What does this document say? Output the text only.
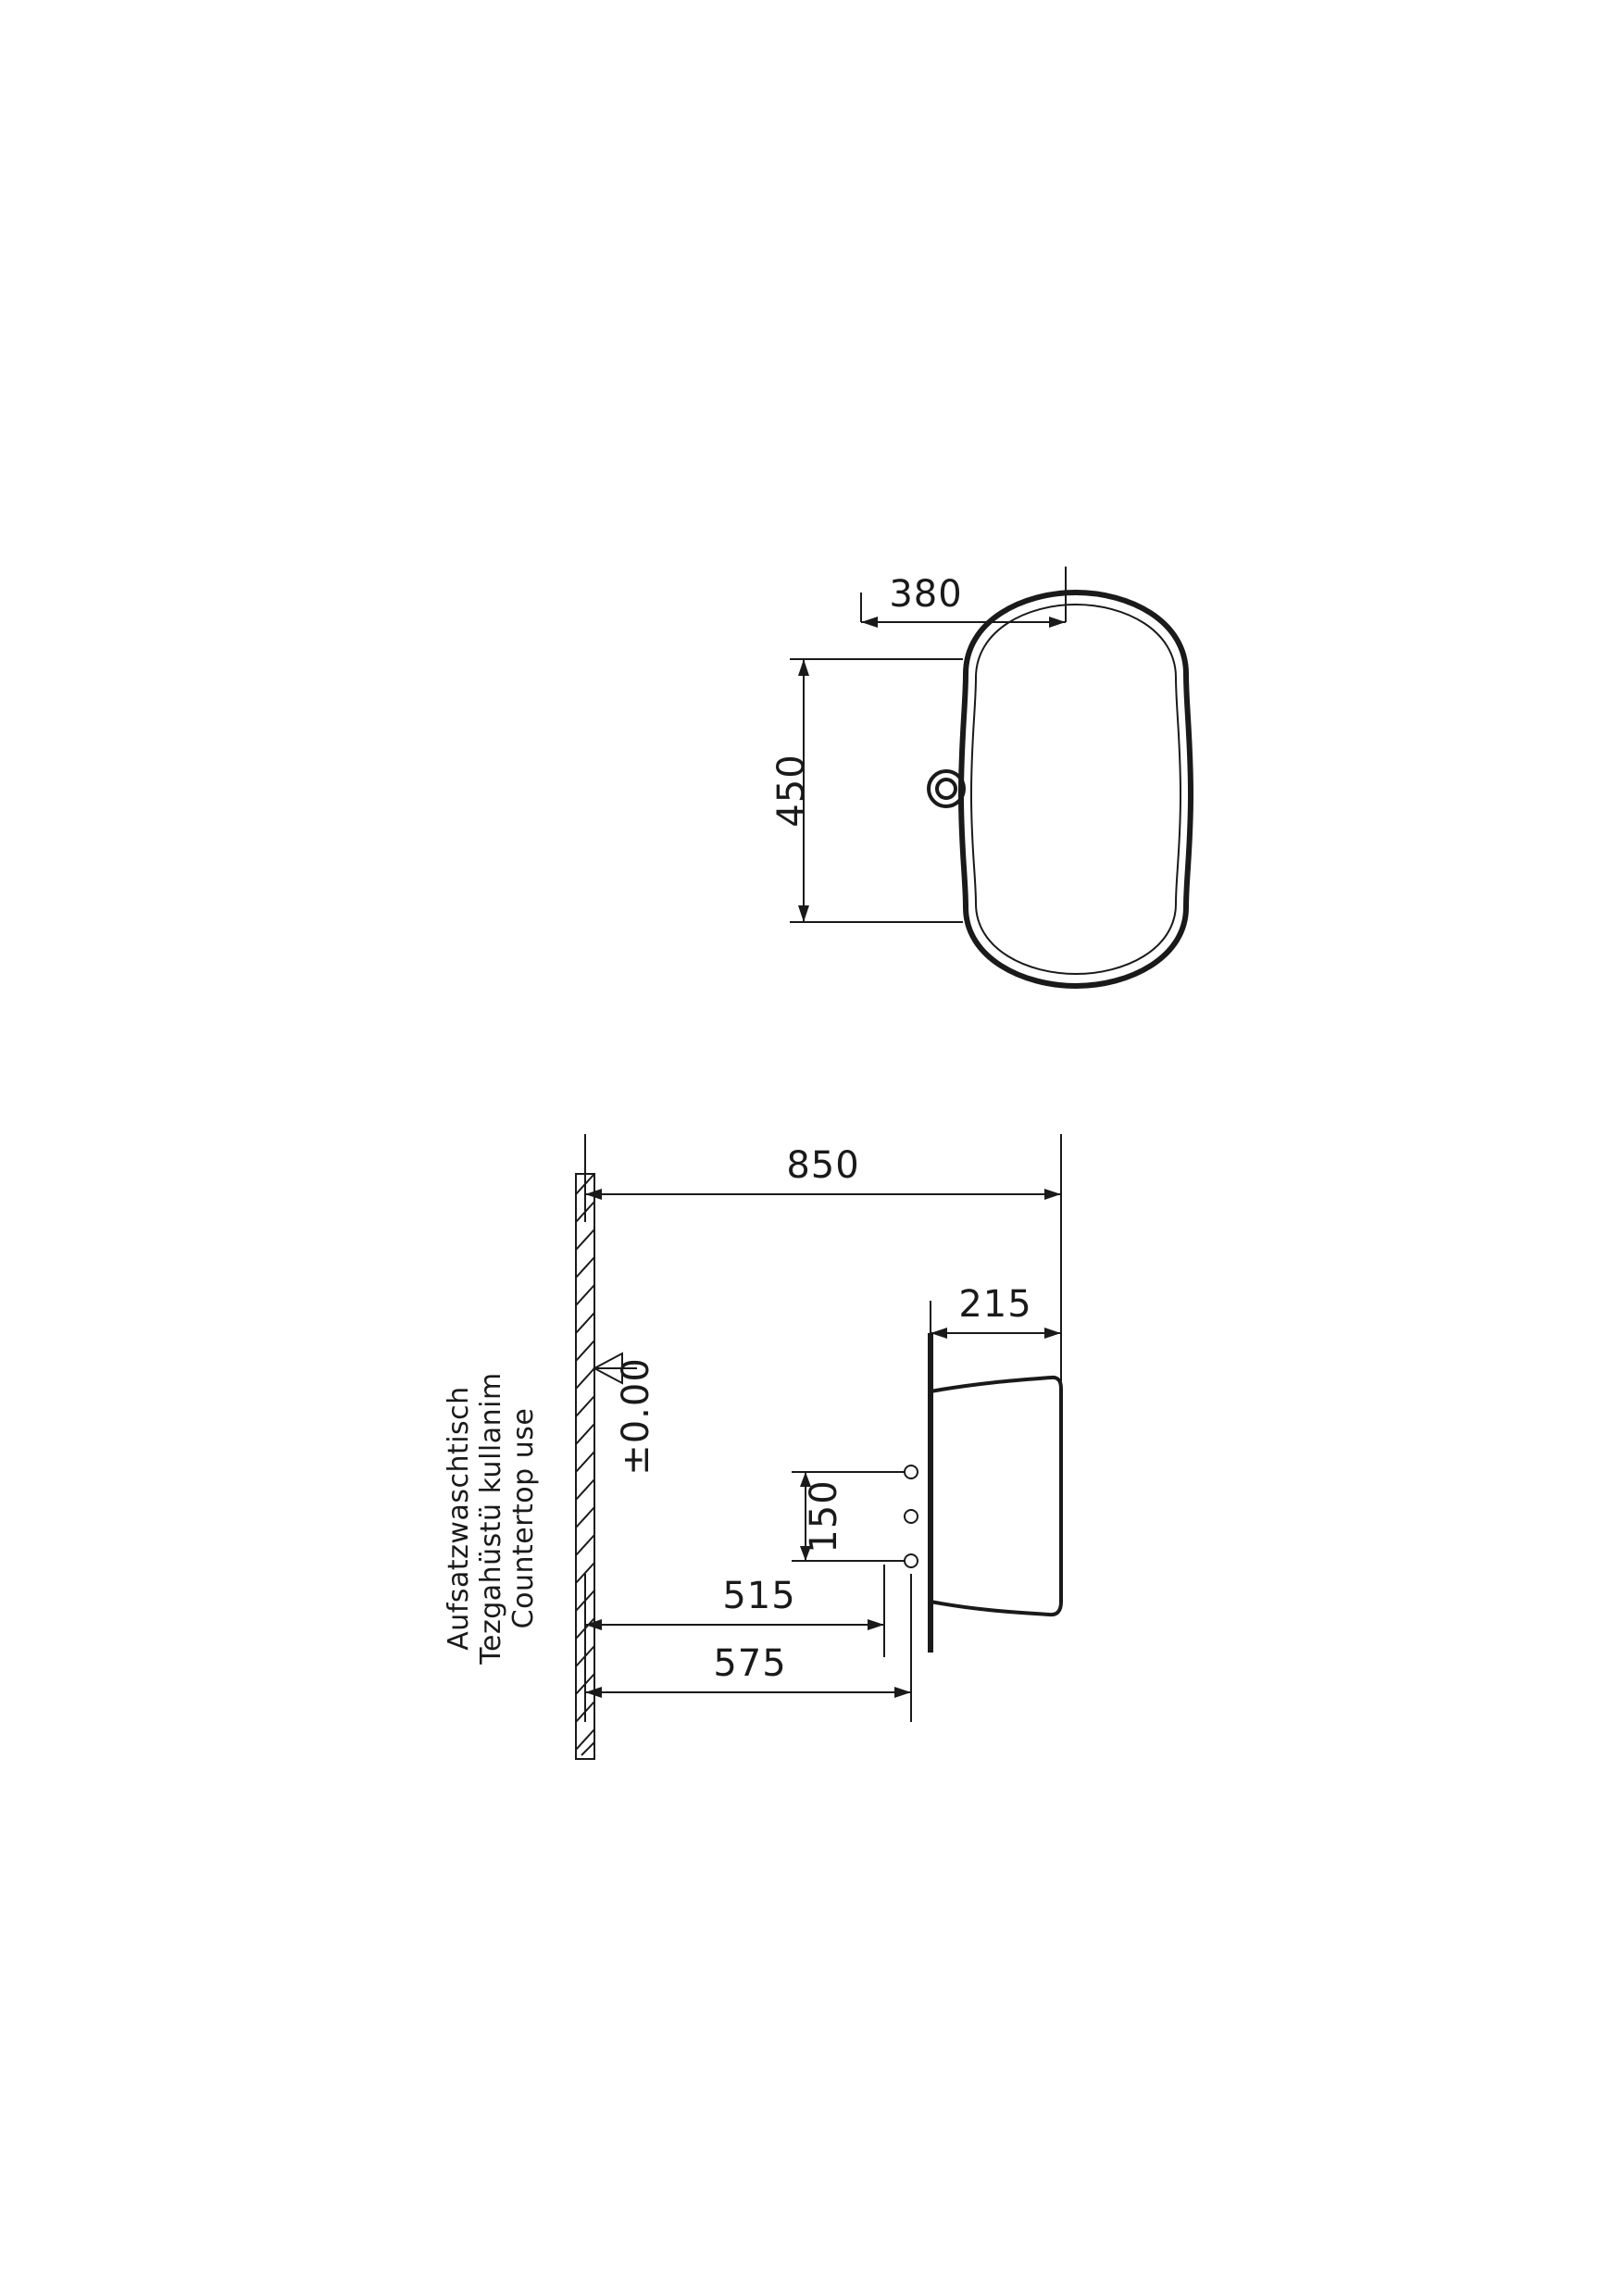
380
450
850
215
150
515
575
±0.00
Countertop use
Tezgahüstü kullanim
Aufsatzwaschtisch
